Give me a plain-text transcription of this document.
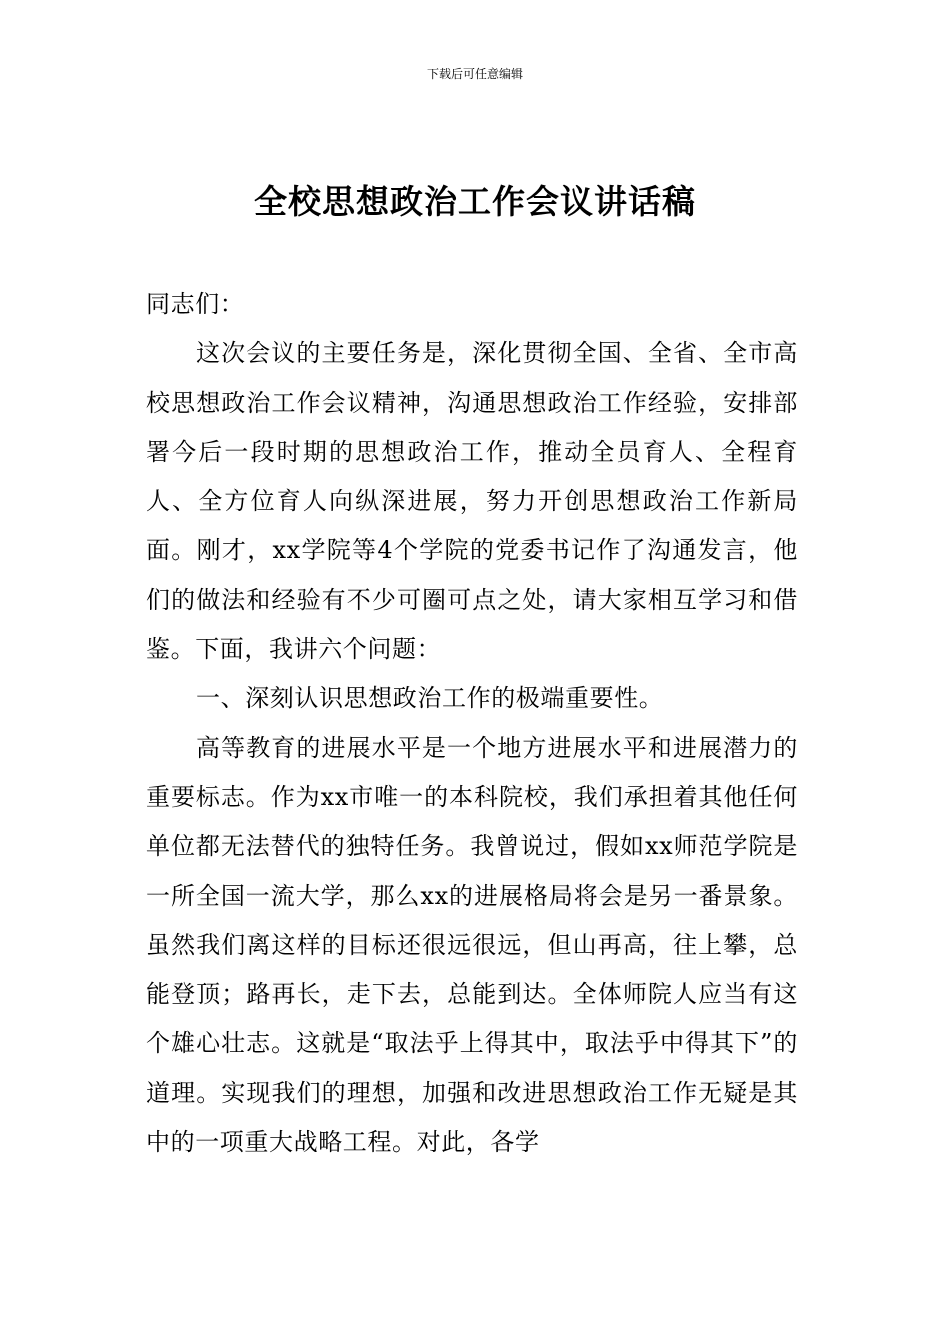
下载后可任意编辑
全校思想政治工作会议讲话稿

同志们：

这次会议的主要任务是，深化贯彻全国、全省、全市高校思想政治工作会议精神，沟通思想政治工作经验，安排部署今后一段时期的思想政治工作，推动全员育人、全程育人、全方位育人向纵深进展，努力开创思想政治工作新局面。刚才，xx学院等4个学院的党委书记作了沟通发言，他们的做法和经验有不少可圈可点之处，请大家相互学习和借鉴。下面，我讲六个问题：

一、深刻认识思想政治工作的极端重要性。

高等教育的进展水平是一个地方进展水平和进展潜力的重要标志。作为xx市唯一的本科院校，我们承担着其他任何单位都无法替代的独特任务。我曾说过，假如xx师范学院是一所全国一流大学，那么xx的进展格局将会是另一番景象。虽然我们离这样的目标还很远很远，但山再高，往上攀，总能登顶；路再长，走下去，总能到达。全体师院人应当有这个雄心壮志。这就是“取法乎上得其中，取法乎中得其下”的道理。实现我们的理想，加强和改进思想政治工作无疑是其中的一项重大战略工程。对此，各学
